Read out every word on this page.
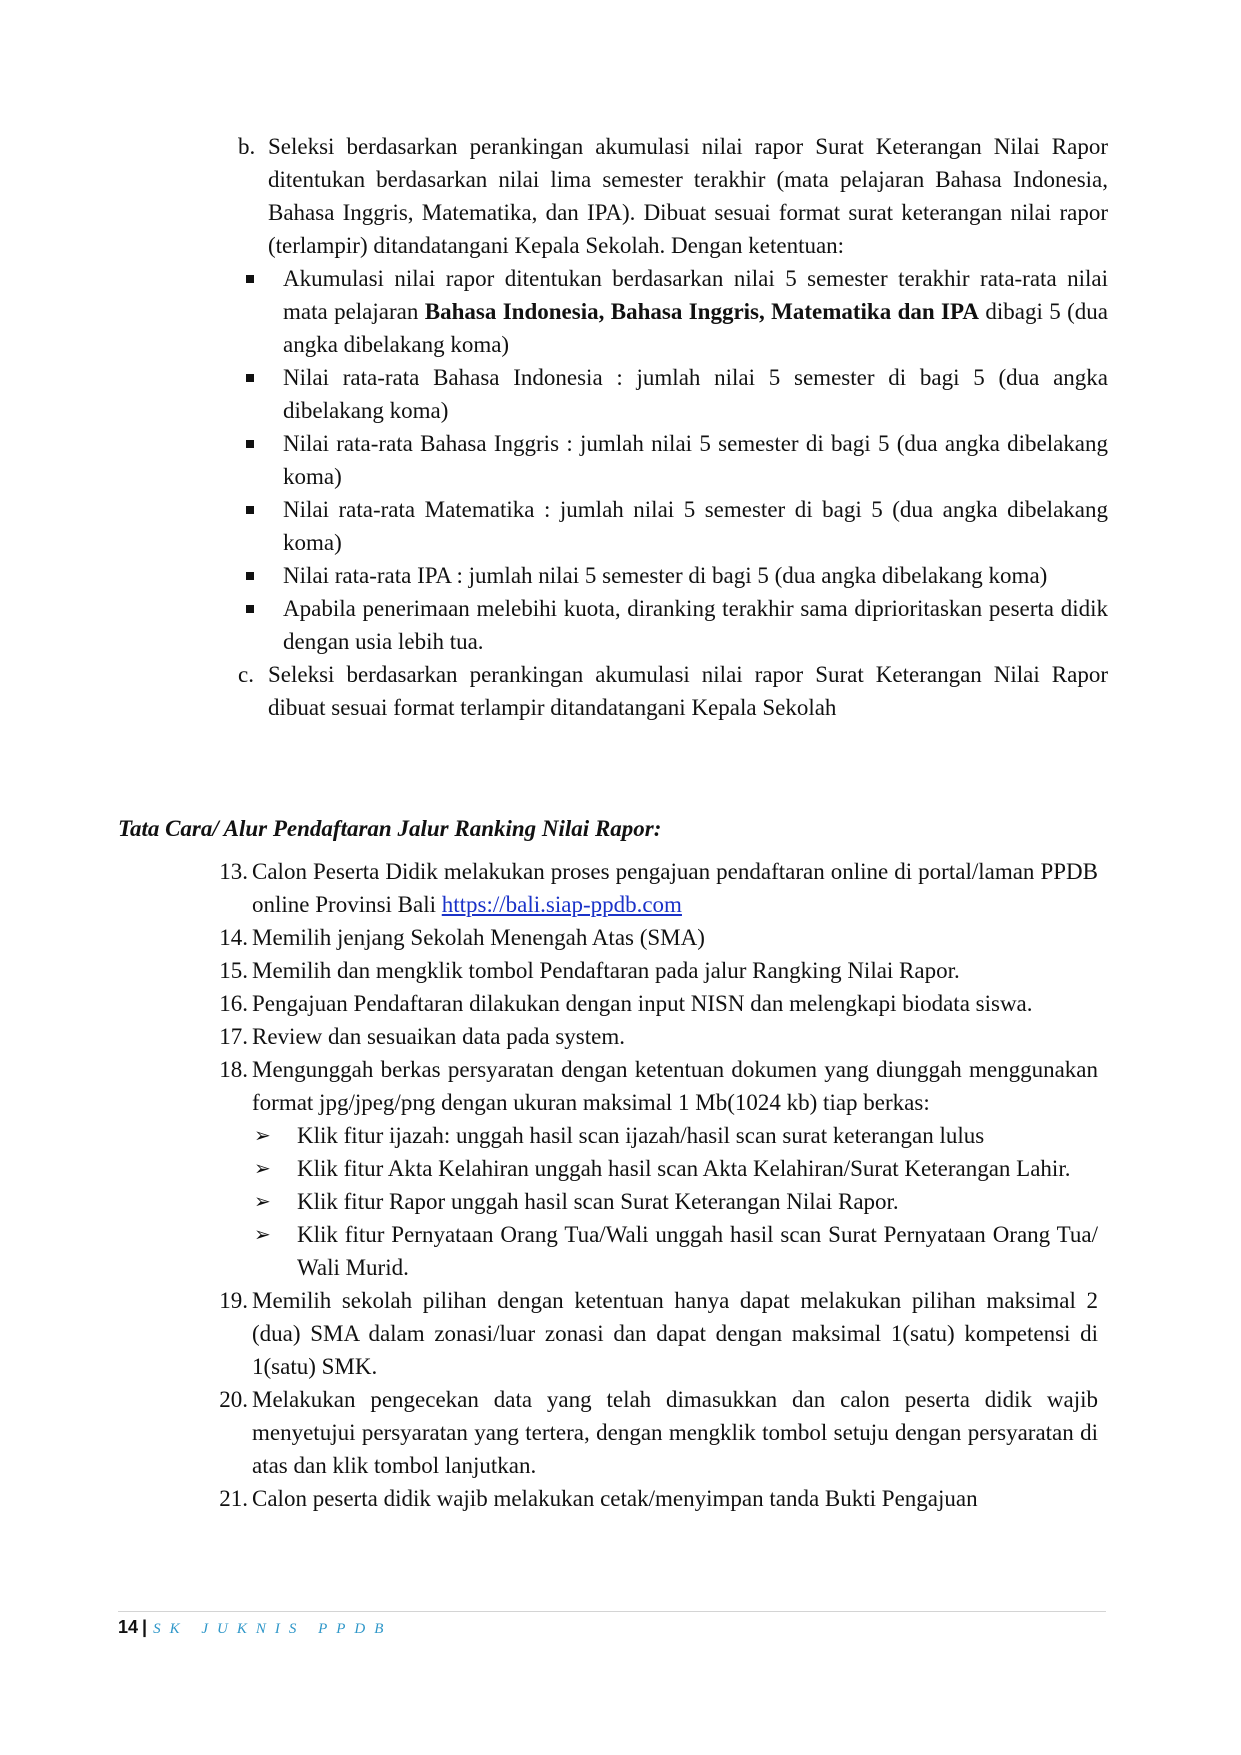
b. Seleksi berdasarkan perankingan akumulasi nilai rapor Surat Keterangan Nilai Rapor ditentukan berdasarkan nilai lima semester terakhir (mata pelajaran Bahasa Indonesia, Bahasa Inggris, Matematika, dan IPA). Dibuat sesuai format surat keterangan nilai rapor (terlampir) ditandatangani Kepala Sekolah. Dengan ketentuan:
Akumulasi nilai rapor ditentukan berdasarkan nilai 5 semester terakhir rata-rata nilai mata pelajaran Bahasa Indonesia, Bahasa Inggris, Matematika dan IPA dibagi 5 (dua angka dibelakang koma)
Nilai rata-rata Bahasa Indonesia : jumlah nilai 5 semester di bagi 5 (dua angka dibelakang koma)
Nilai rata-rata Bahasa Inggris : jumlah nilai 5 semester di bagi 5 (dua angka dibelakang koma)
Nilai rata-rata Matematika : jumlah nilai 5 semester di bagi 5 (dua angka dibelakang koma)
Nilai rata-rata IPA : jumlah nilai 5 semester di bagi 5 (dua angka dibelakang koma)
Apabila penerimaan melebihi kuota, diranking terakhir sama diprioritaskan peserta didik dengan usia lebih tua.
c. Seleksi berdasarkan perankingan akumulasi nilai rapor Surat Keterangan Nilai Rapor dibuat sesuai format terlampir ditandatangani Kepala Sekolah
Tata Cara/ Alur Pendaftaran Jalur Ranking Nilai Rapor:
13. Calon Peserta Didik melakukan proses pengajuan pendaftaran online di portal/laman PPDB online Provinsi Bali https://bali.siap-ppdb.com
14. Memilih jenjang Sekolah Menengah Atas (SMA)
15. Memilih dan mengklik tombol Pendaftaran pada jalur Rangking Nilai Rapor.
16. Pengajuan Pendaftaran dilakukan dengan input NISN dan melengkapi biodata siswa.
17. Review dan sesuaikan data pada system.
18. Mengunggah berkas persyaratan dengan ketentuan dokumen yang diunggah menggunakan format jpg/jpeg/png dengan ukuran maksimal 1 Mb(1024 kb) tiap berkas:
➢ Klik fitur ijazah: unggah hasil scan ijazah/hasil scan surat keterangan lulus
➢ Klik fitur Akta Kelahiran unggah hasil scan Akta Kelahiran/Surat Keterangan Lahir.
➢ Klik fitur Rapor unggah hasil scan Surat Keterangan Nilai Rapor.
➢ Klik fitur Pernyataan Orang Tua/Wali unggah hasil scan Surat Pernyataan Orang Tua/ Wali Murid.
19. Memilih sekolah pilihan dengan ketentuan hanya dapat melakukan pilihan maksimal 2 (dua) SMA dalam zonasi/luar zonasi dan dapat dengan maksimal 1(satu) kompetensi di 1(satu) SMK.
20. Melakukan pengecekan data yang telah dimasukkan dan calon peserta didik wajib menyetujui persyaratan yang tertera, dengan mengklik tombol setuju dengan persyaratan di atas dan klik tombol lanjutkan.
21. Calon peserta didik wajib melakukan cetak/menyimpan tanda Bukti Pengajuan
14 | SK JUKNIS PPDB
